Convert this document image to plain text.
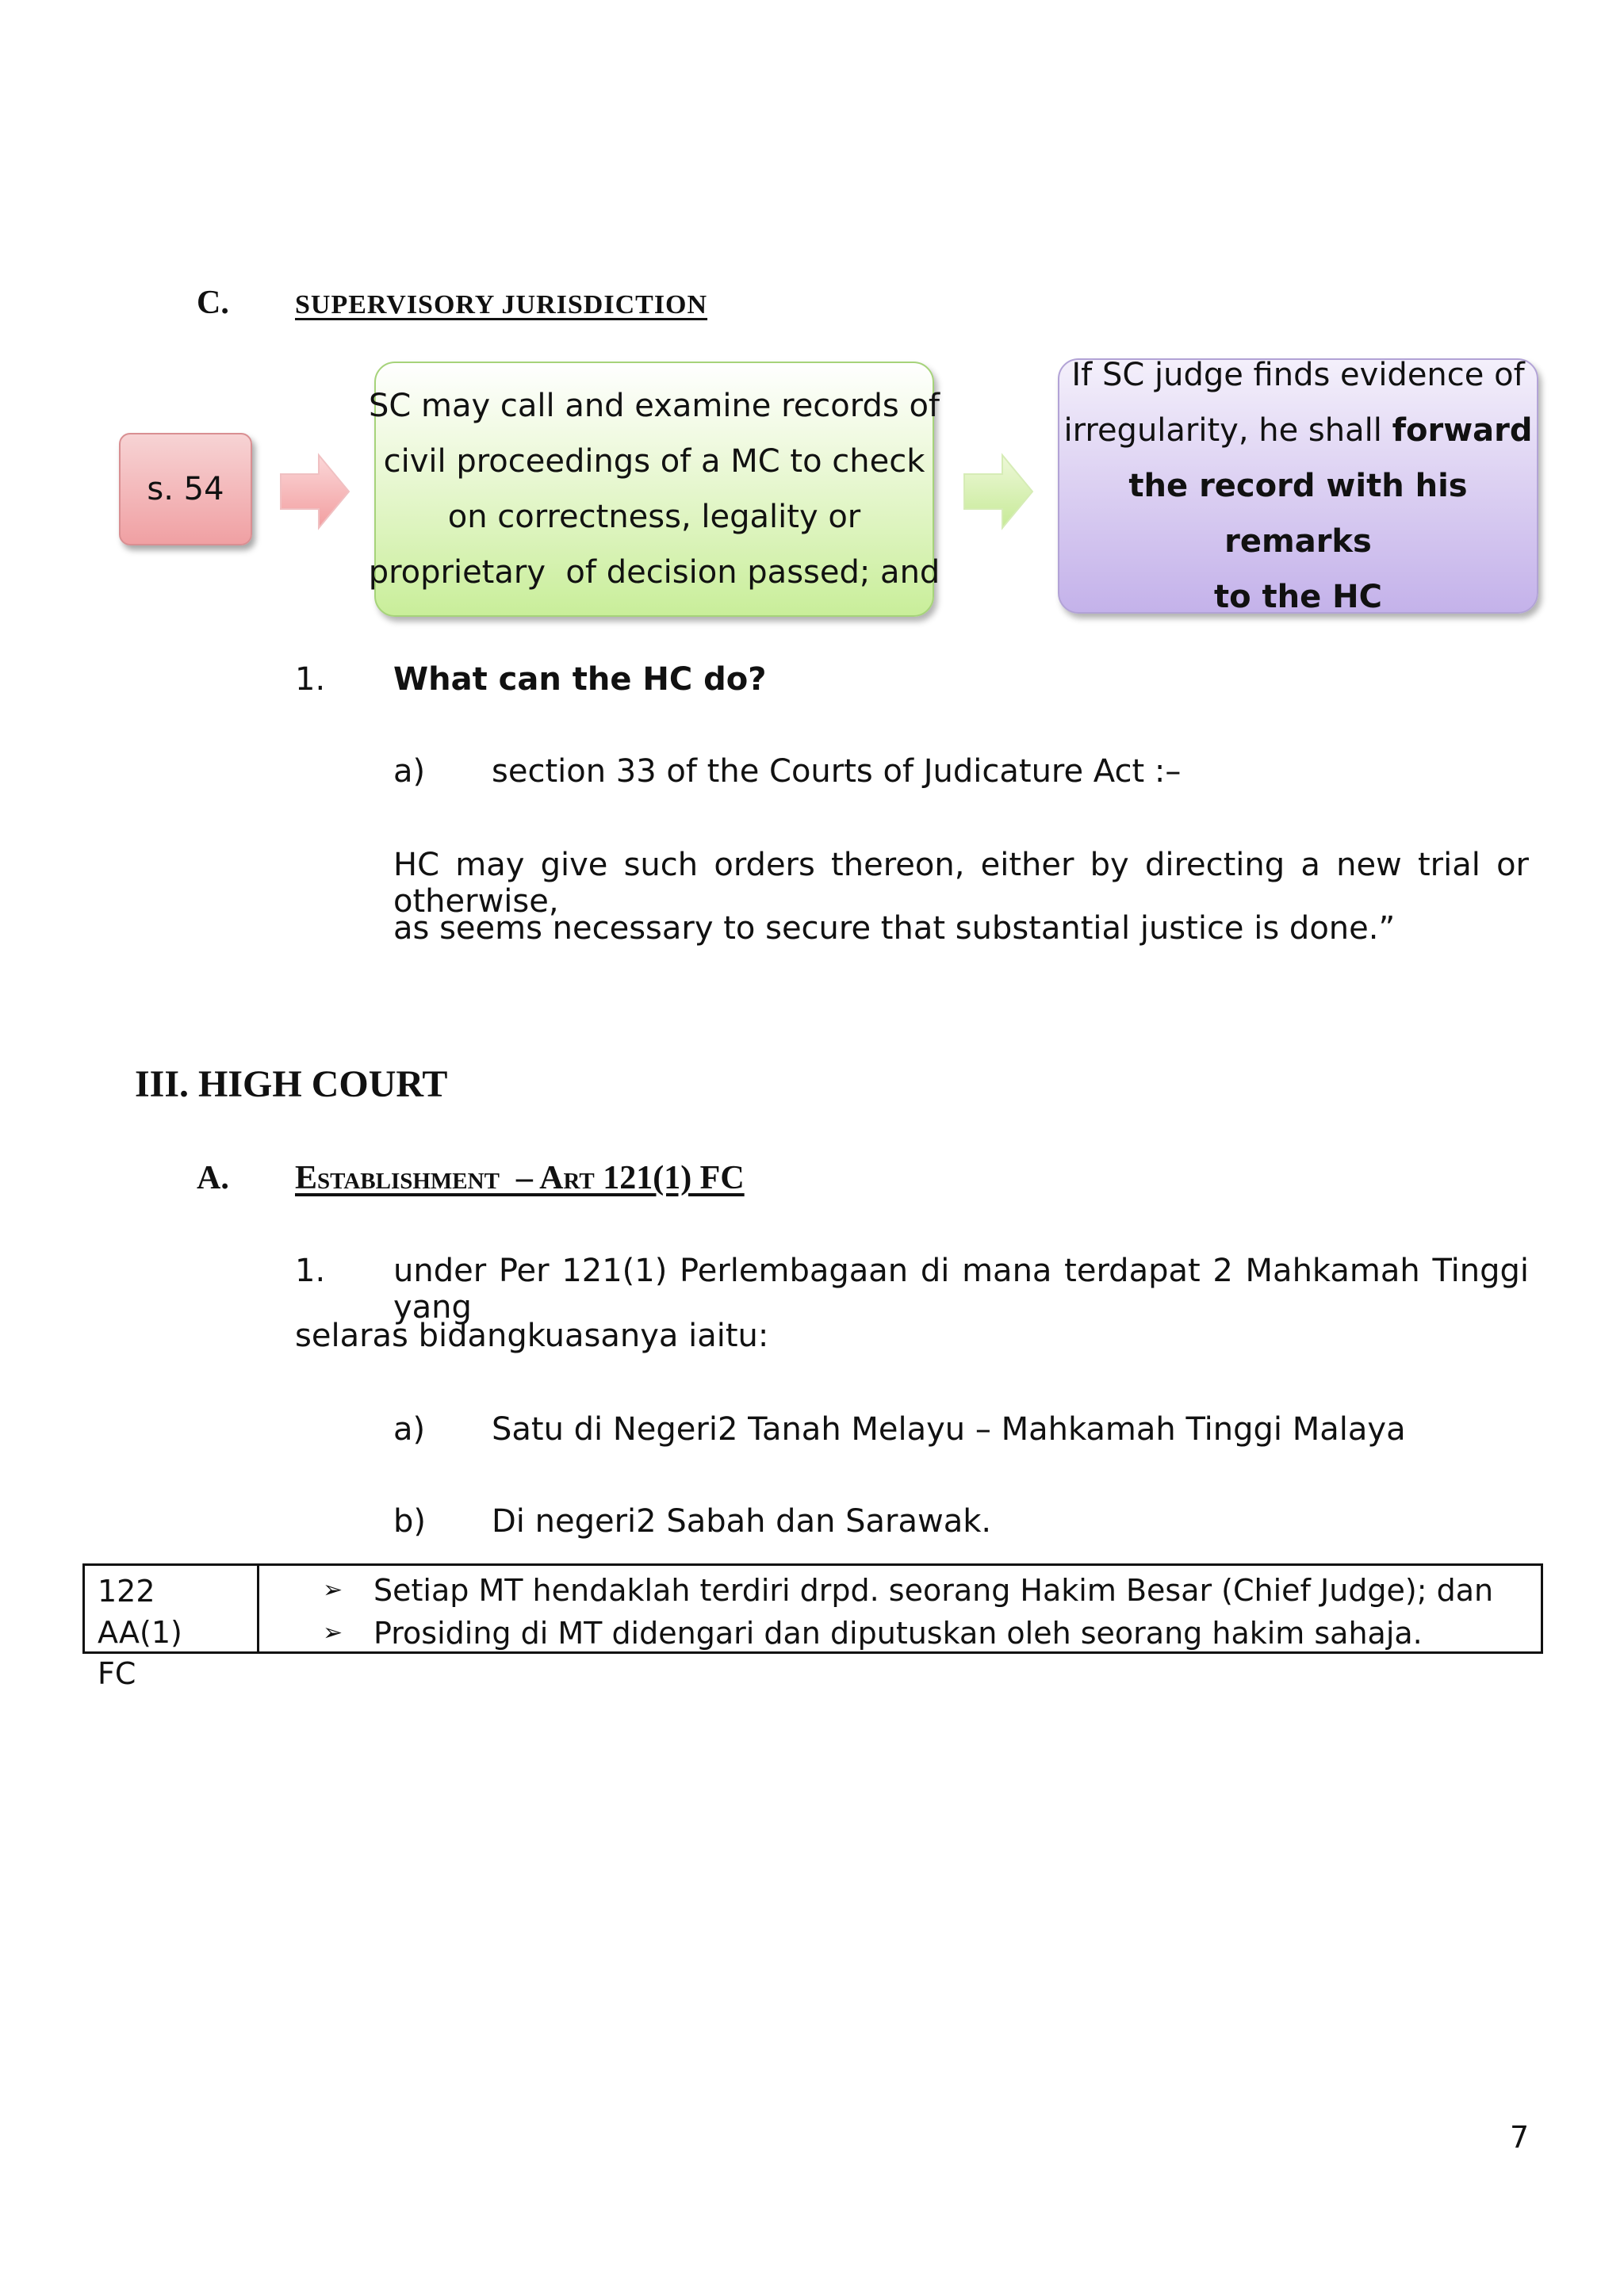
C. SUPERVISORY JURISDICTION
s. 54
SC may call and examine records of
civil proceedings of a MC to check
on correctness, legality or
proprietary  of decision passed; and
If SC judge finds evidence of
irregularity, he shall forward
the record with his remarks
to the HC
1. What can the HC do?
a) section 33 of the Courts of Judicature Act :–
HC may give such orders thereon, either by directing a new trial or otherwise,
as seems necessary to secure that substantial justice is done.”
III. HIGH COURT
A. Establishment  – Art 121(1) FC
1. under Per 121(1) Perlembagaan di mana terdapat 2 Mahkamah Tinggi yang
selaras bidangkuasanya iaitu:
a) Satu di Negeri2 Tanah Melayu – Mahkamah Tinggi Malaya
b) Di negeri2 Sabah dan Sarawak.
122 AA(1)
FC
➢	Setiap MT hendaklah terdiri drpd. seorang Hakim Besar (Chief Judge); dan
➢	Prosiding di MT didengari dan diputuskan oleh seorang hakim sahaja.
7
